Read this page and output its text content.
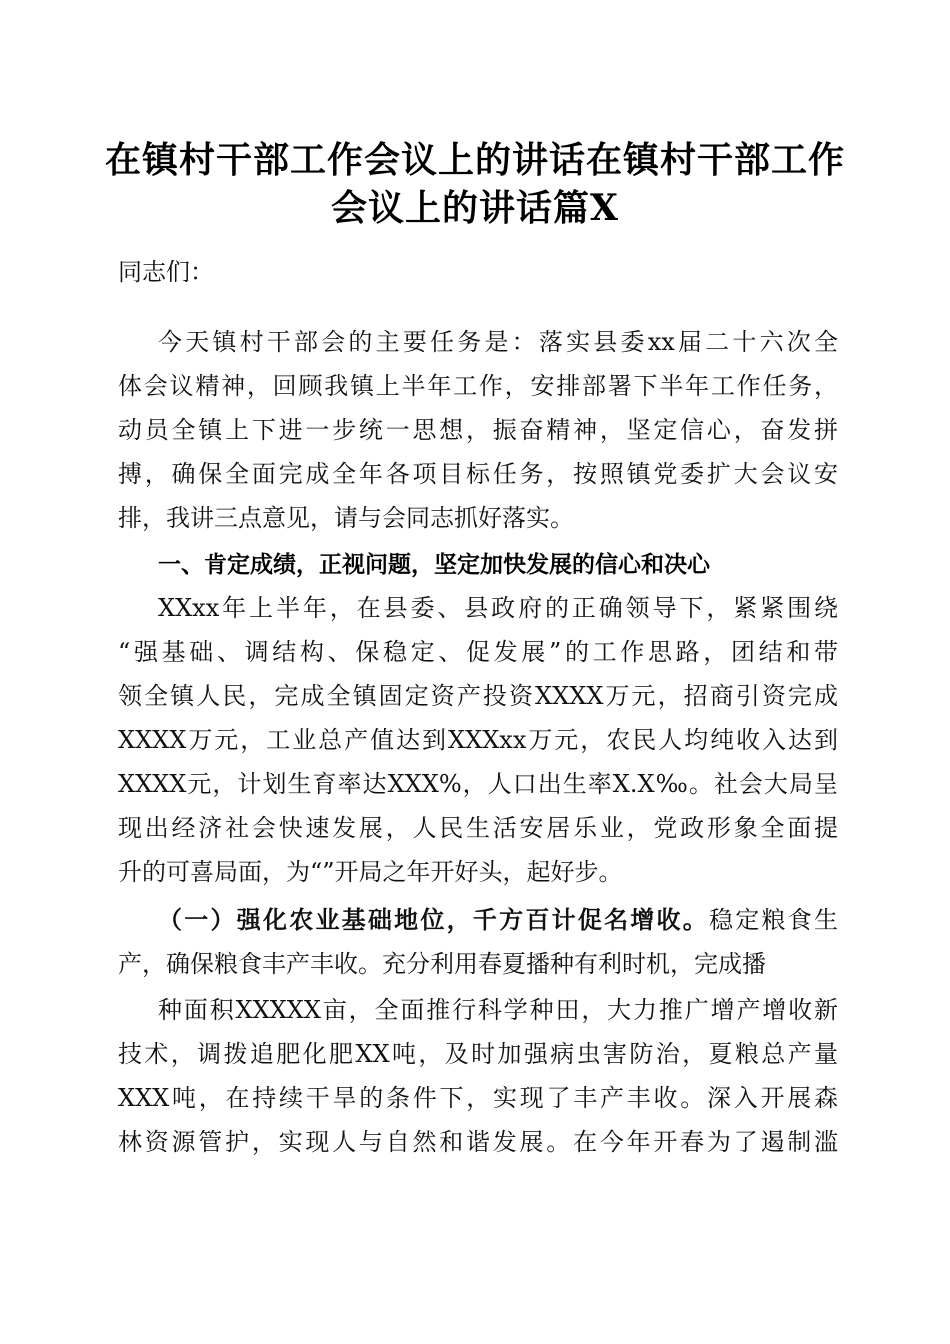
在镇村干部工作会议上的讲话在镇村干部工作
会议上的讲话篇X
同志们：
今天镇村干部会的主要任务是：落实县委xx届二十六次全
体会议精神，回顾我镇上半年工作，安排部署下半年工作任务，
动员全镇上下进一步统一思想，振奋精神，坚定信心，奋发拼
搏，确保全面完成全年各项目标任务，按照镇党委扩大会议安
排，我讲三点意见，请与会同志抓好落实。
一、肯定成绩，正视问题，坚定加快发展的信心和决心
XXxx年上半年，在县委、县政府的正确领导下，紧紧围绕
“强基础、调结构、保稳定、促发展”的工作思路，团结和带
领全镇人民，完成全镇固定资产投资XXXX万元，招商引资完成
XXXX万元，工业总产值达到XXXxx万元，农民人均纯收入达到
XXXX元，计划生育率达XXX%，人口出生率X.X‰。社会大局呈
现出经济社会快速发展，人民生活安居乐业，党政形象全面提
升的可喜局面，为“”开局之年开好头，起好步。
（一）强化农业基础地位，千方百计促名增收。稳定粮食生
产，确保粮食丰产丰收。充分利用春夏播种有利时机，完成播
种面积XXXXX亩，全面推行科学种田，大力推广增产增收新
技术，调拨追肥化肥XX吨，及时加强病虫害防治，夏粮总产量
XXX吨，在持续干旱的条件下，实现了丰产丰收。深入开展森
林资源管护，实现人与自然和谐发展。在今年开春为了遏制滥
